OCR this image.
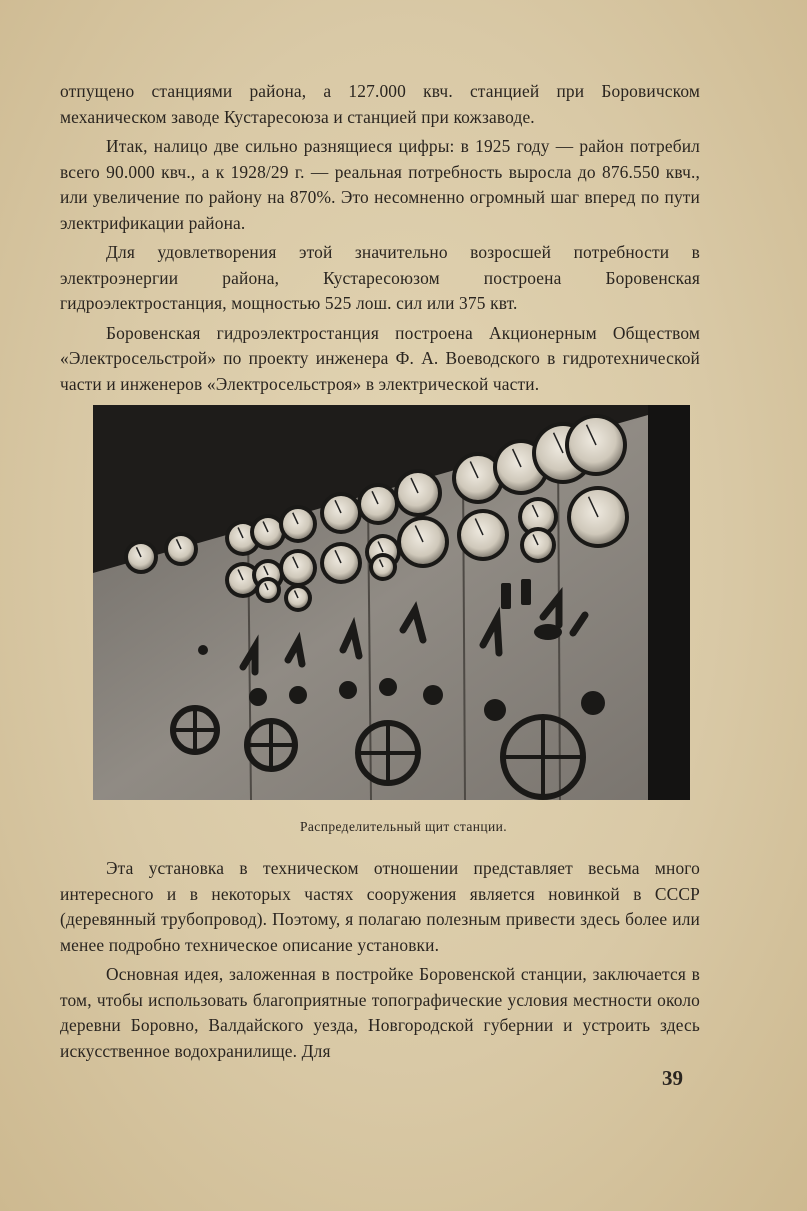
отпущено станциями района, а 127.000 квч. станцией при Боровичском механическом заводе Кустаресоюза и станцией при кожзаводе.

Итак, налицо две сильно разнящиеся цифры: в 1925 году — район потребил всего 90.000 квч., а к 1928/29 г. — реальная потребность выросла до 876.550 квч., или увеличение по району на 870%. Это несомненно огромный шаг вперед по пути электрификации района.

Для удовлетворения этой значительно возросшей потребности в электроэнергии района, Кустаресоюзом построена Боровенская гидроэлектростанция, мощностью 525 лош. сил или 375 квт.

Боровенская гидроэлектростанция построена Акционерным Обществом «Электросельстрой» по проекту инженера Ф. А. Воеводского в гидротехнической части и инженеров «Электросельстроя» в электрической части.

Распределительный щит станции.

Эта установка в техническом отношении представляет весьма много интересного и в некоторых частях сооружения является новинкой в СССР (деревянный трубопровод). Поэтому, я полагаю полезным привести здесь более или менее подробно техническое описание установки.

Основная идея, заложенная в постройке Боровенской станции, заключается в том, чтобы использовать благоприятные топографические условия местности около деревни Боровно, Валдайского уезда, Новгородской губернии и устроить здесь искусственное водохранилище. Для

39
